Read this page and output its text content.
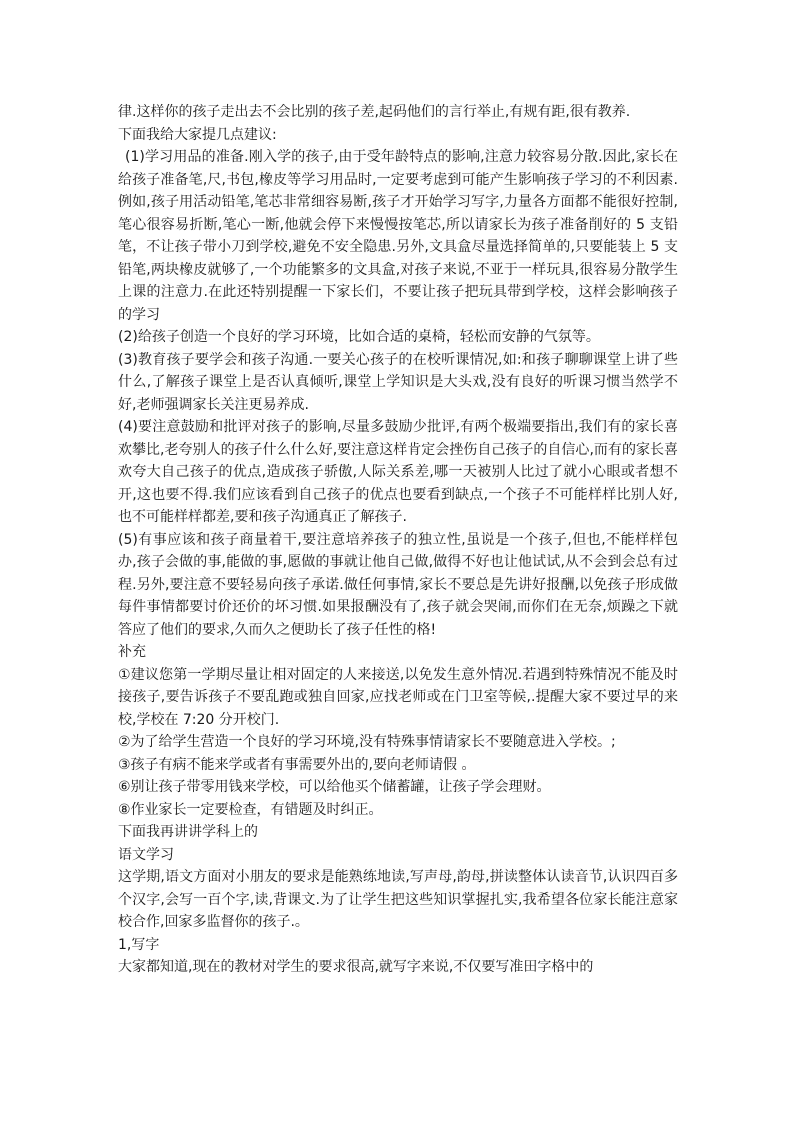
律.这样你的孩子走出去不会比别的孩子差,起码他们的言行举止,有规有距,很有教养.

下面我给大家提几点建议:

(1)学习用品的准备.刚入学的孩子,由于受年龄特点的影响,注意力较容易分散.因此,家长在给孩子准备笔,尺,书包,橡皮等学习用品时,一定要考虑到可能产生影响孩子学习的不利因素.例如,孩子用活动铅笔,笔芯非常细容易断,孩子才开始学习写字,力量各方面都不能很好控制,笔心很容易折断,笔心一断,他就会停下来慢慢按笔芯,所以请家长为孩子准备削好的 5 支铅笔，不让孩子带小刀到学校,避免不安全隐患.另外,文具盒尽量选择简单的,只要能装上 5 支铅笔,两块橡皮就够了,一个功能繁多的文具盒,对孩子来说,不亚于一样玩具,很容易分散学生上课的注意力.在此还特别提醒一下家长们，不要让孩子把玩具带到学校，这样会影响孩子的学习

(2)给孩子创造一个良好的学习环境，比如合适的桌椅，轻松而安静的气氛等。

(3)教育孩子要学会和孩子沟通.一要关心孩子的在校听课情况,如:和孩子聊聊课堂上讲了些什么,了解孩子课堂上是否认真倾听,课堂上学知识是大头戏,没有良好的听课习惯当然学不好,老师强调家长关注更易养成.

(4)要注意鼓励和批评对孩子的影响,尽量多鼓励少批评,有两个极端要指出,我们有的家长喜欢攀比,老夸别人的孩子什么什么好,要注意这样肯定会挫伤自己孩子的自信心,而有的家长喜欢夸大自己孩子的优点,造成孩子骄傲,人际关系差,哪一天被别人比过了就小心眼或者想不开,这也要不得.我们应该看到自己孩子的优点也要看到缺点,一个孩子不可能样样比别人好,也不可能样样都差,要和孩子沟通真正了解孩子.

(5)有事应该和孩子商量着干,要注意培养孩子的独立性,虽说是一个孩子,但也,不能样样包办,孩子会做的事,能做的事,愿做的事就让他自己做,做得不好也让他试试,从不会到会总有过程.另外,要注意不要轻易向孩子承诺.做任何事情,家长不要总是先讲好报酬,以免孩子形成做每件事情都要讨价还价的坏习惯.如果报酬没有了,孩子就会哭闹,而你们在无奈,烦躁之下就答应了他们的要求,久而久之便助长了孩子任性的格!

补充

①建议您第一学期尽量让相对固定的人来接送,以免发生意外情况.若遇到特殊情况不能及时接孩子,要告诉孩子不要乱跑或独自回家,应找老师或在门卫室等候,.提醒大家不要过早的来校,学校在 7:20 分开校门.

②为了给学生营造一个良好的学习环境,没有特殊事情请家长不要随意进入学校。;

③孩子有病不能来学或者有事需要外出的,要向老师请假 。

⑥别让孩子带零用钱来学校，可以给他买个储蓄罐，让孩子学会理财。

⑧作业家长一定要检查，有错题及时纠正。

下面我再讲讲学科上的

语文学习

这学期,语文方面对小朋友的要求是能熟练地读,写声母,韵母,拼读整体认读音节,认识四百多个汉字,会写一百个字,读,背课文.为了让学生把这些知识掌握扎实,我希望各位家长能注意家校合作,回家多监督你的孩子.。

1,写字

大家都知道,现在的教材对学生的要求很高,就写字来说,不仅要写准田字格中的
